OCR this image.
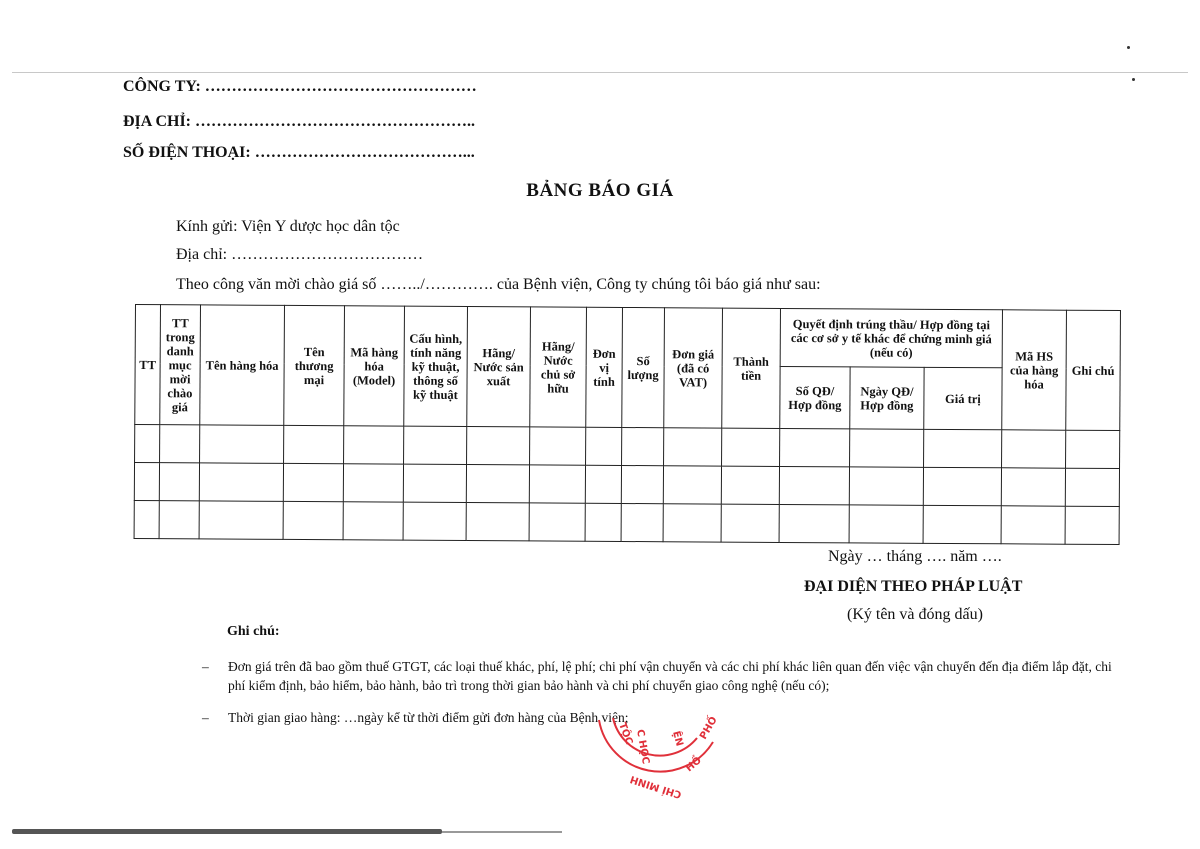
CÔNG TY: ……………………………………………
ĐỊA CHỈ: ……………………………………………..
SỐ ĐIỆN THOẠI: …………………………………...
BẢNG BÁO GIÁ
Kính gửi: Viện Y dược học dân tộc
Địa chỉ: ………………………………
Theo công văn mời chào giá số ……../…………. của Bệnh viện, Công ty chúng tôi báo giá như sau:
TT	TT trong danh mục mời chào giá	Tên hàng hóa	Tên thương mại	Mã hàng hóa (Model)	Cấu hình, tính năng kỹ thuật, thông số kỹ thuật	Hãng/ Nước sản xuất	Hãng/ Nước chủ sở hữu	Đơn vị tính	Số lượng	Đơn giá (đã có VAT)	Thành tiền	Quyết định trúng thầu/ Hợp đồng tại các cơ sở y tế khác để chứng minh giá (nếu có)			Mã HS của hàng hóa	Ghi chú
												Số QĐ/ Hợp đồng	Ngày QĐ/ Hợp đồng	Giá trị		

Ngày … tháng …. năm ….
ĐẠI DIỆN THEO PHÁP LUẬT
(Ký tên và đóng dấu)
Ghi chú:
– Đơn giá trên đã bao gồm thuế GTGT, các loại thuế khác, phí, lệ phí; chi phí vận chuyển và các chi phí khác liên quan đến việc vận chuyển đến địa điểm lắp đặt, chi phí kiểm định, bảo hiểm, bảo hành, bảo trì trong thời gian bảo hành và chi phí chuyển giao công nghệ (nếu có);
– Thời gian giao hàng: …ngày kể từ thời điểm gửi đơn hàng của Bệnh viện;
ỆN
C HỌC
TỘC	PHỐ
HỒ
CHÍ MINH
